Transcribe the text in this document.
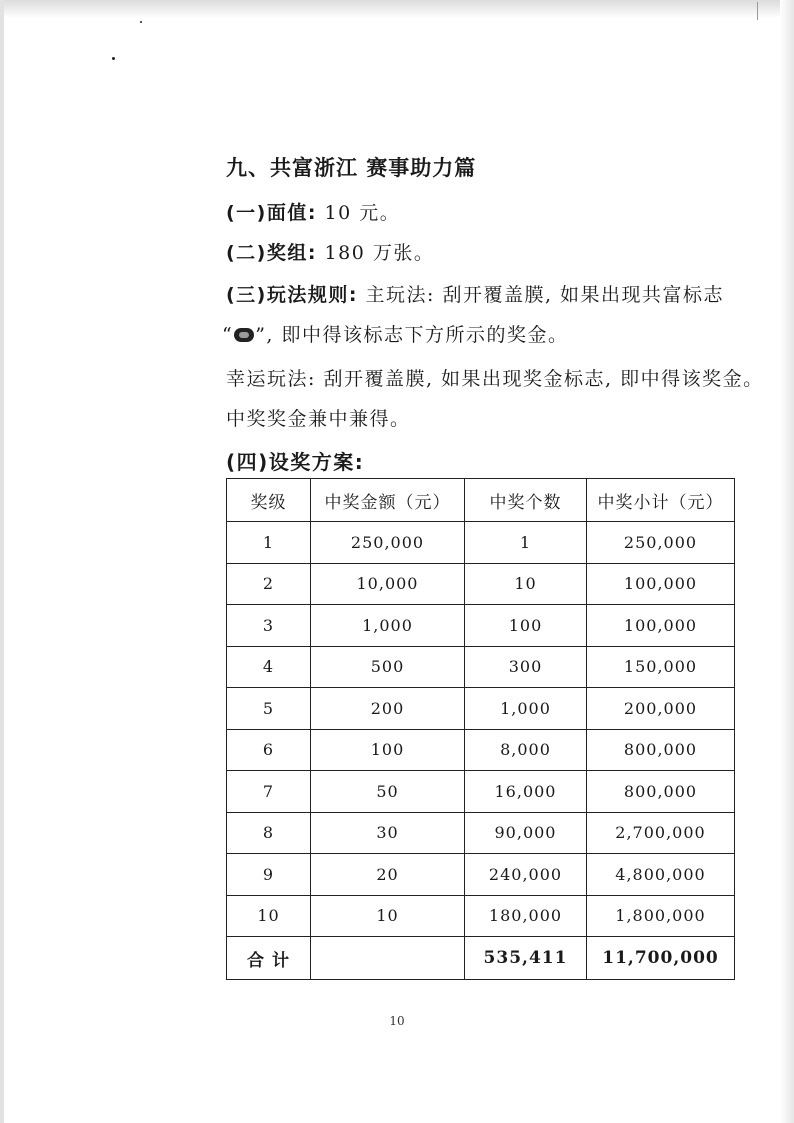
九、共富浙江 赛事助力篇
(一)面值: 10 元。
(二)奖组: 180 万张。
(三)玩法规则: 主玩法: 刮开覆盖膜, 如果出现共富标志
“ ”, 即中得该标志下方所示的奖金。
幸运玩法: 刮开覆盖膜, 如果出现奖金标志, 即中得该奖金。
中奖奖金兼中兼得。
(四)设奖方案:
奖级	中奖金额（元）	中奖个数	中奖小计（元）
1	250,000	1	250,000
2	10,000	10	100,000
3	1,000	100	100,000
4	500	300	150,000
5	200	1,000	200,000
6	100	8,000	800,000
7	50	16,000	800,000
8	30	90,000	2,700,000
9	20	240,000	4,800,000
10	10	180,000	1,800,000
合 计		535,411	11,700,000
10
